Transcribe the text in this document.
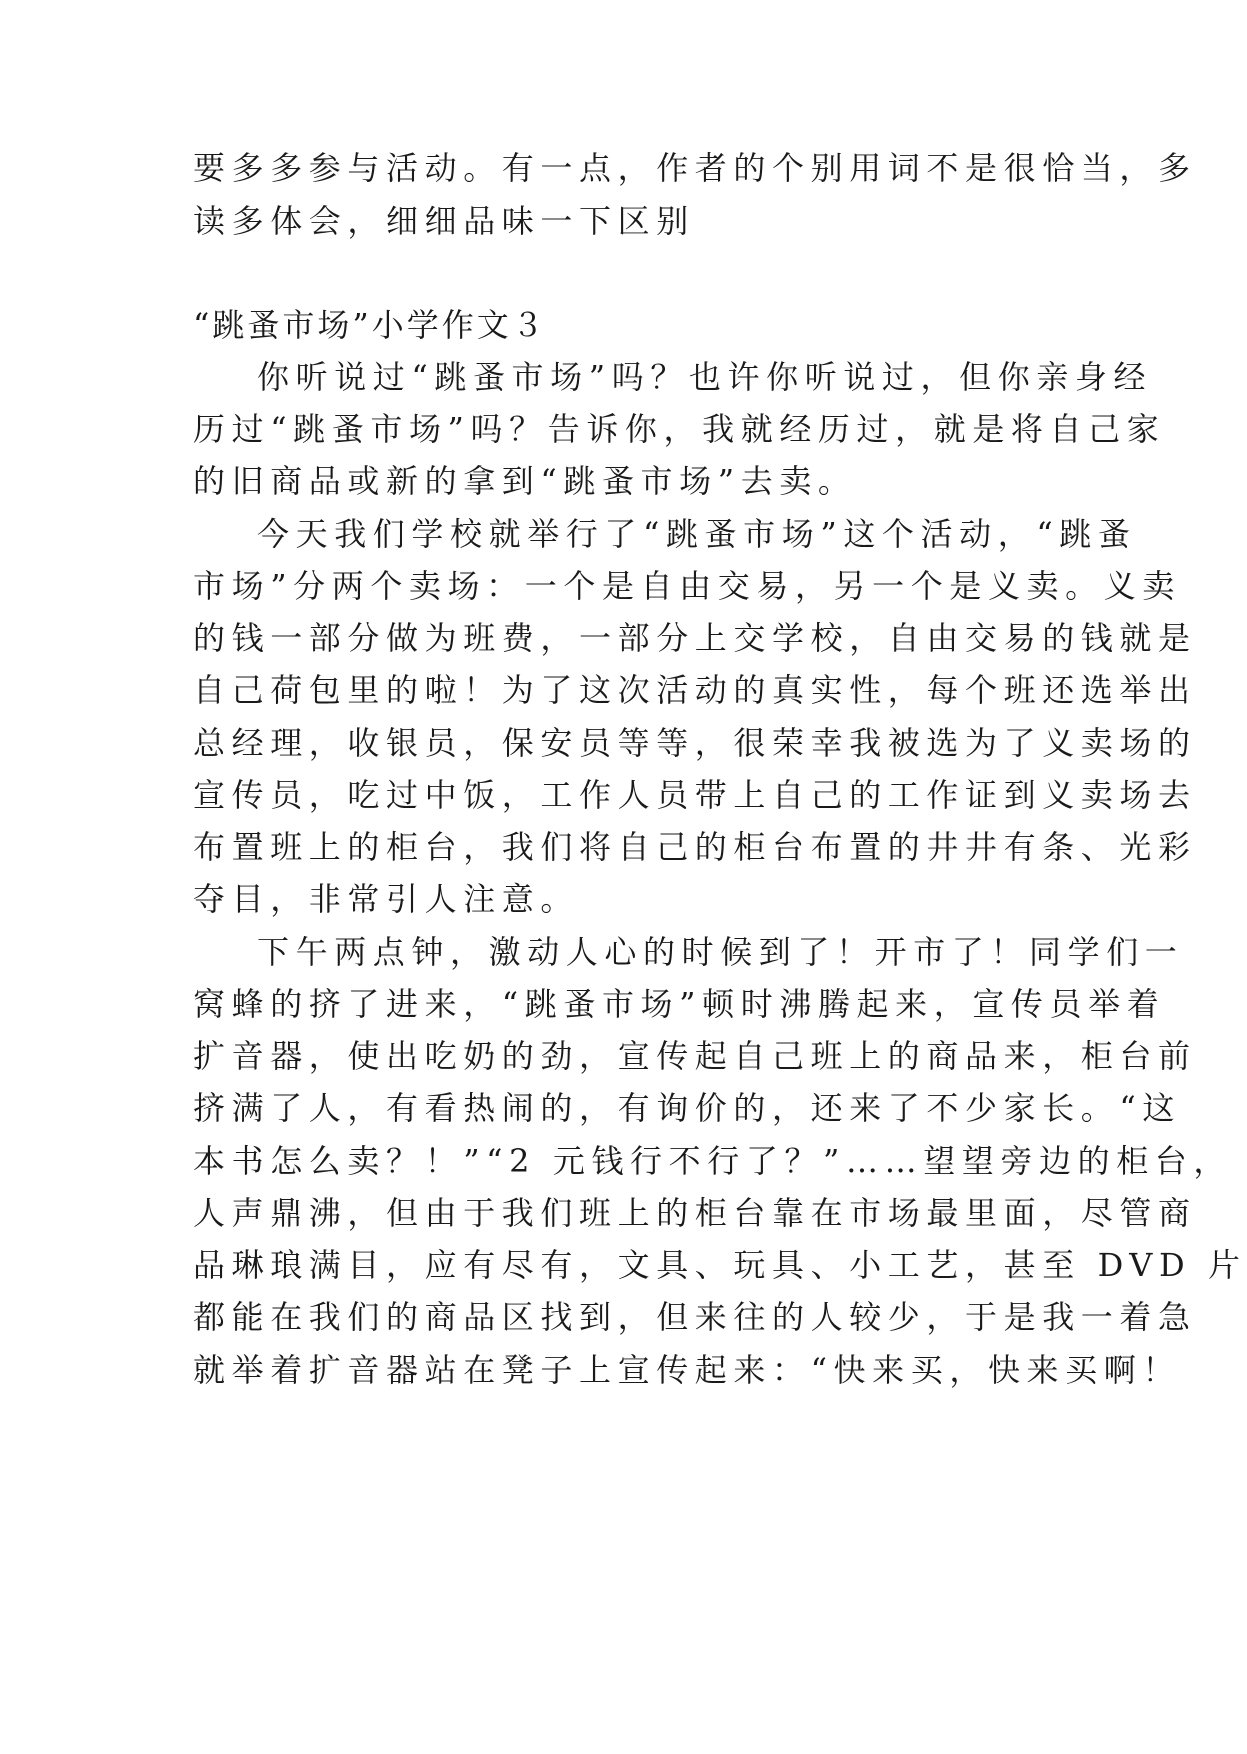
要多多参与活动。有一点，作者的个别用词不是很恰当，多
读多体会，细细品味一下区别
“跳蚤市场”小学作文３
你听说过“跳蚤市场”吗？也许你听说过，但你亲身经
历过“跳蚤市场”吗？告诉你，我就经历过，就是将自己家
的旧商品或新的拿到“跳蚤市场”去卖。
今天我们学校就举行了“跳蚤市场”这个活动，“跳蚤
市场”分两个卖场：一个是自由交易，另一个是义卖。义卖
的钱一部分做为班费，一部分上交学校，自由交易的钱就是
自己荷包里的啦！为了这次活动的真实性，每个班还选举出
总经理，收银员，保安员等等，很荣幸我被选为了义卖场的
宣传员，吃过中饭，工作人员带上自己的工作证到义卖场去
布置班上的柜台，我们将自己的柜台布置的井井有条、光彩
夺目，非常引人注意。
下午两点钟，激动人心的时候到了！开市了！同学们一
窝蜂的挤了进来，“跳蚤市场”顿时沸腾起来，宣传员举着
扩音器，使出吃奶的劲，宣传起自己班上的商品来，柜台前
挤满了人，有看热闹的，有询价的，还来了不少家长。“这
本书怎么卖？！”“2 元钱行不行了？”……望望旁边的柜台，
人声鼎沸，但由于我们班上的柜台靠在市场最里面，尽管商
品琳琅满目，应有尽有，文具、玩具、小工艺，甚至 DVD 片
都能在我们的商品区找到，但来往的人较少，于是我一着急
就举着扩音器站在凳子上宣传起来：“快来买，快来买啊！
